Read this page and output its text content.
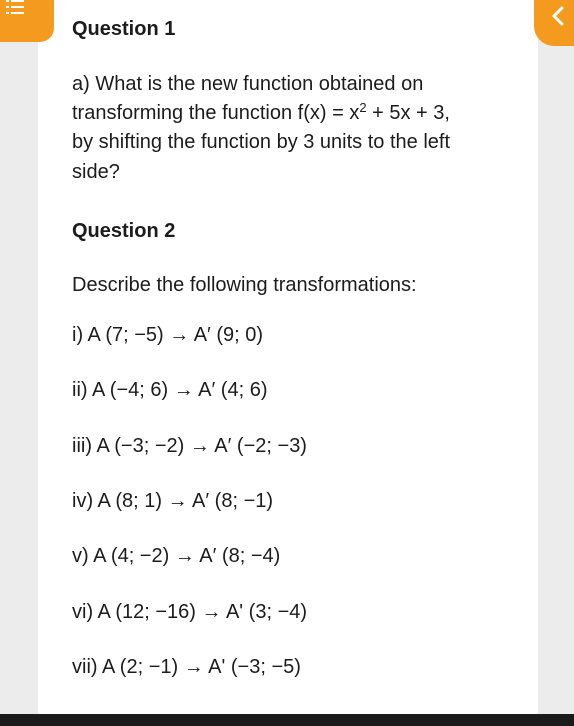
Question 1
a) What is the new function obtained on
transforming the function $f(x) = x^2 + 5x + 3$,
by shifting the function by 3 units to the left
side?
Question 2
Describe the following transformations:
i) A (7; −5) → A′ (9; 0)
ii) A (−4; 6) → A′ (4; 6)
iii) A (−3; −2) → A′ (−2; −3)
iv) A (8; 1) → A′ (8; −1)
v) A (4; −2) → A′ (8; −4)
vi) A (12; −16) → A' (3; −4)
vii) A (2; −1) → A' (−3; −5)
